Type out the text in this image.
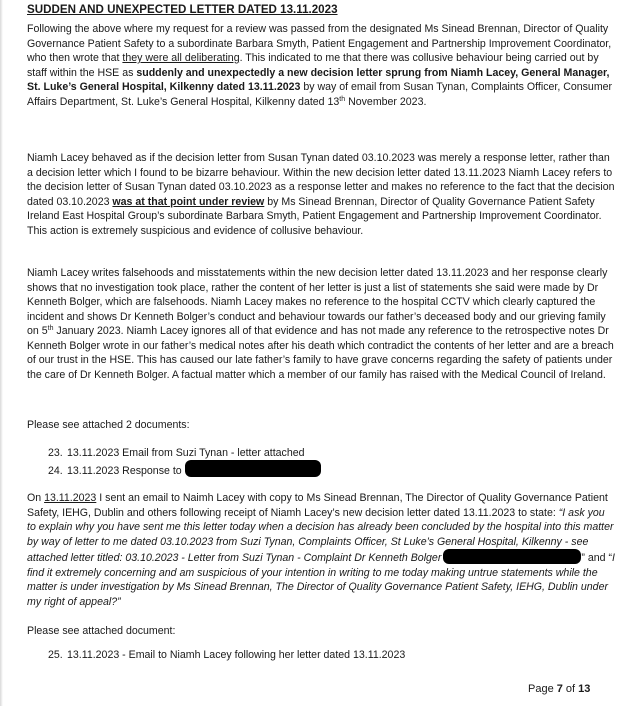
SUDDEN AND UNEXPECTED LETTER DATED 13.11.2023

Following the above where my request for a review was passed from the designated Ms Sinead Brennan, Director of Quality Governance Patient Safety to a subordinate Barbara Smyth, Patient Engagement and Partnership Improvement Coordinator, who then wrote that they were all deliberating. This indicated to me that there was collusive behaviour being carried out by staff within the HSE as suddenly and unexpectedly a new decision letter sprung from Niamh Lacey, General Manager, St. Luke’s General Hospital, Kilkenny dated 13.11.2023 by way of email from Susan Tynan, Complaints Officer, Consumer Affairs Department, St. Luke’s General Hospital, Kilkenny dated 13th November 2023.

Niamh Lacey behaved as if the decision letter from Susan Tynan dated 03.10.2023 was merely a response letter, rather than a decision letter which I found to be bizarre behaviour. Within the new decision letter dated 13.11.2023 Niamh Lacey refers to the decision letter of Susan Tynan dated 03.10.2023 as a response letter and makes no reference to the fact that the decision dated 03.10.2023 was at that point under review by Ms Sinead Brennan, Director of Quality Governance Patient Safety Ireland East Hospital Group’s subordinate Barbara Smyth, Patient Engagement and Partnership Improvement Coordinator. This action is extremely suspicious and evidence of collusive behaviour.

Niamh Lacey writes falsehoods and misstatements within the new decision letter dated 13.11.2023 and her response clearly shows that no investigation took place, rather the content of her letter is just a list of statements she said were made by Dr Kenneth Bolger, which are falsehoods. Niamh Lacey makes no reference to the hospital CCTV which clearly captured the incident and shows Dr Kenneth Bolger’s conduct and behaviour towards our father’s deceased body and our grieving family on 5th January 2023. Niamh Lacey ignores all of that evidence and has not made any reference to the retrospective notes Dr Kenneth Bolger wrote in our father’s medical notes after his death which contradict the contents of her letter and are a breach of our trust in the HSE. This has caused our late father’s family to have grave concerns regarding the safety of patients under the care of Dr Kenneth Bolger. A factual matter which a member of our family has raised with the Medical Council of Ireland.

Please see attached 2 documents:

23. 13.11.2023 Email from Suzi Tynan - letter attached

24. 13.11.2023 Response to

On 13.11.2023 I sent an email to Naimh Lacey with copy to Ms Sinead Brennan, The Director of Quality Governance Patient Safety, IEHG, Dublin and others following receipt of Niamh Lacey’s new decision letter dated 13.11.2023 to state: “I ask you to explain why you have sent me this letter today when a decision has already been concluded by the hospital into this matter by way of letter to me dated 03.10.2023 from Suzi Tynan, Complaints Officer, St Luke’s General Hospital, Kilkenny - see attached letter titled: 03.10.2023 - Letter from Suzi Tynan - Complaint Dr Kenneth Bolger	” and “I find it extremely concerning and am suspicious of your intention in writing to me today making untrue statements while the matter is under investigation by Ms Sinead Brennan, The Director of Quality Governance Patient Safety, IEHG, Dublin under my right of appeal?”

Please see attached document:

25. 13.11.2023 - Email to Niamh Lacey following her letter dated 13.11.2023

Page 7 of 13
